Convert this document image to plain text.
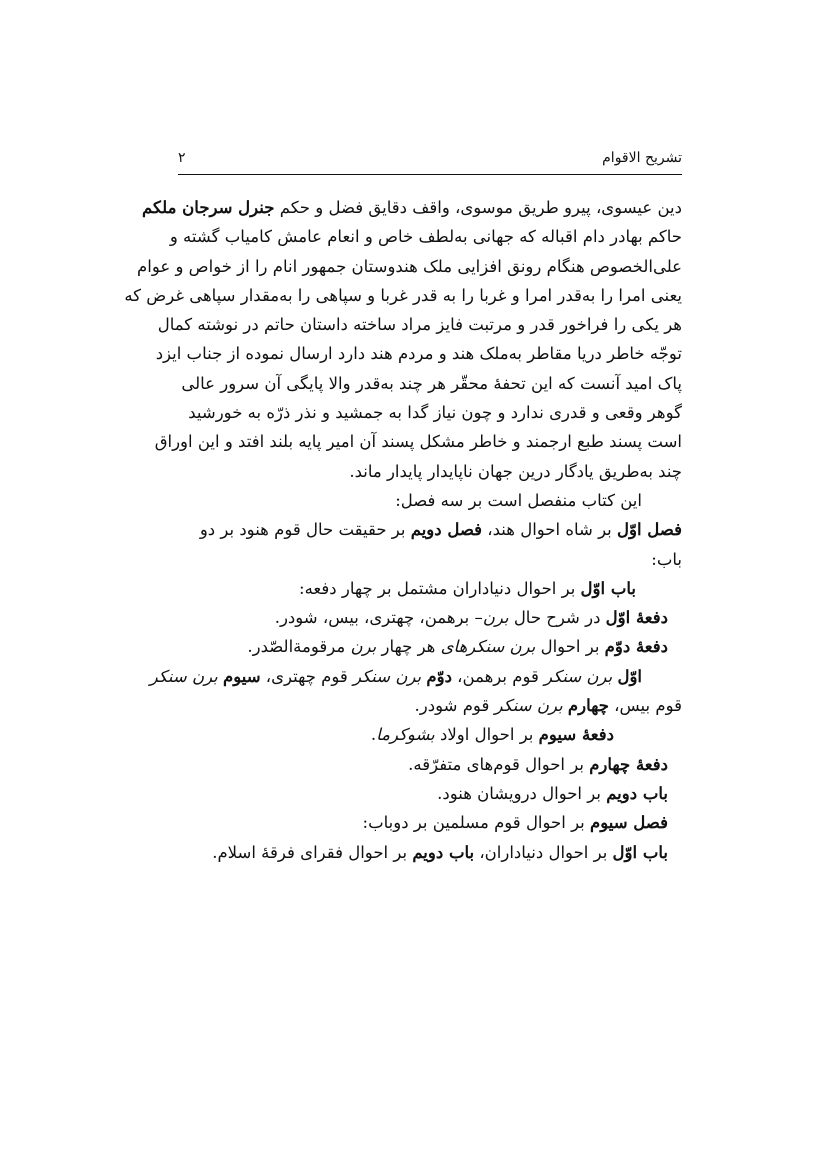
۲	تشریح الاقوام

دین عیسوی، پیرو طریق موسوی، واقف دقایق فضل و حکم جنرل سرجان ملکم
حاکم بهادر دام اقباله که جهانی به‌لطف خاص و انعام عامش کامیاب گشته و
علی‌الخصوص هنگام رونق افزایی ملک هندوستان جمهور انام را از خواص و عوام
یعنی امرا را به‌قدر امرا و غربا را به قدر غربا و سپاهی را به‌مقدار سپاهی غرض که
هر یکی را فراخور قدر و مرتبت فایز مراد ساخته داستان حاتم در نوشته کمال
توجّه خاطر دریا مقاطر به‌ملک هند و مردم هند دارد ارسال نموده از جناب ایزد
پاک امید آنست که این تحفهٔ محقّر هر چند به‌قدر والا پایگی آن سرور عالی
گوهر وقعی و قدری ندارد و چون نیاز گدا به جمشید و نذر ذرّه به خورشید
است پسند طبع ارجمند و خاطر مشکل پسند آن امیر پایه بلند افتد و این اوراق
چند به‌طریق یادگار درین جهان ناپایدار پایدار ماند.

این کتاب منفصل است بر سه فصل:
فصل اوّل بر شاه احوال هند، فصل دویم بر حقیقت حال قوم هنود بر دو
باب:
باب اوّل بر احوال دنیاداران مشتمل بر چهار دفعه:
دفعهٔ اوّل در شرح حال برن– برهمن، چهتری، بیس، شودر.
دفعهٔ دوّم بر احوال برن سنکرهای هر چهار برن مرقومةالصّدر.
اوّل برن سنکر قوم برهمن، دوّم برن سنکر قوم چهتری، سیوم برن سنکر
قوم بیس، چهارم برن سنکر قوم شودر.
دفعهٔ سیوم بر احوال اولاد بشوکرما.
دفعهٔ چهارم بر احوال قوم‌های متفرّقه.
باب دویم بر احوال درویشان هنود.
فصل سیوم بر احوال قوم مسلمین بر دوباب:
باب اوّل بر احوال دنیاداران، باب دویم بر احوال فقرای فرقهٔ اسلام.
